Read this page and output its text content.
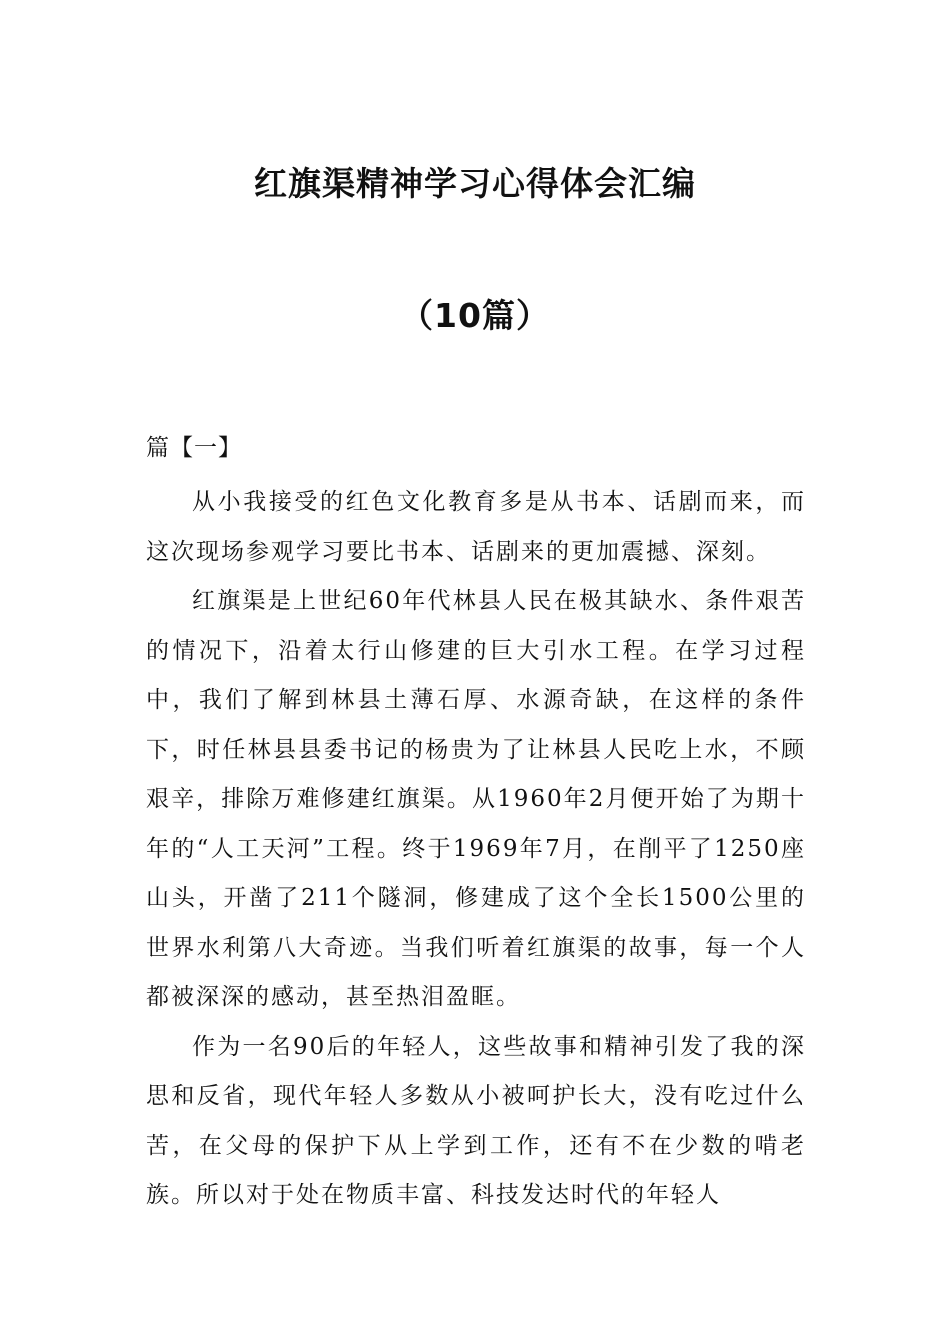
红旗渠精神学习心得体会汇编
（10篇）
篇【一】

从小我接受的红色文化教育多是从书本、话剧而来，而这次现场参观学习要比书本、话剧来的更加震撼、深刻。

红旗渠是上世纪60年代林县人民在极其缺水、条件艰苦的情况下，沿着太行山修建的巨大引水工程。在学习过程中，我们了解到林县土薄石厚、水源奇缺，在这样的条件下，时任林县县委书记的杨贵为了让林县人民吃上水，不顾艰辛，排除万难修建红旗渠。从1960年2月便开始了为期十年的“人工天河”工程。终于1969年7月，在削平了1250座山头，开凿了211个隧洞，修建成了这个全长1500公里的世界水利第八大奇迹。当我们听着红旗渠的故事，每一个人都被深深的感动，甚至热泪盈眶。

作为一名90后的年轻人，这些故事和精神引发了我的深思和反省，现代年轻人多数从小被呵护长大，没有吃过什么苦，在父母的保护下从上学到工作，还有不在少数的啃老族。所以对于处在物质丰富、科技发达时代的年轻人
